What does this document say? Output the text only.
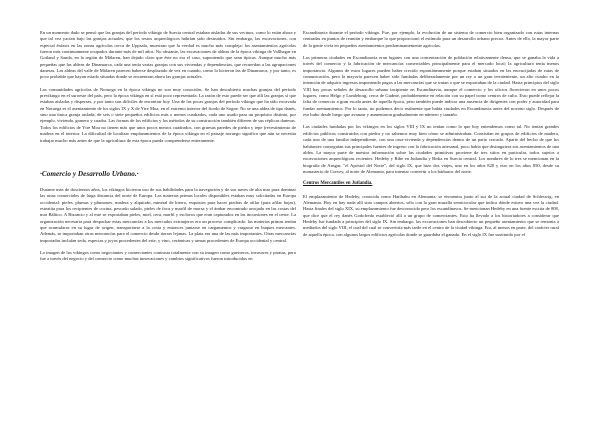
En un momento dado se pensó que las granjas del período vikingo de Suecia central estaban aisladas de sus vecinos, como lo están ahora y que tal vez yacían bajo las granjas actuales, que los restos arqueológicos habrían sido destruidos. Sin embargo, las excavaciones, con especial énfasis en las zonas agrícolas cerca de Uppsala, muestran que la verdad es mucho más compleja: los asentamientos agrícolas fueron más continuamente ocupados durante más de mil años. No obstante, las excavaciones de aldeas de la época vikinga de Vallhagar en Gotland y Sanda, en la región de Mälaren, han dejado claro que éste no era el caso, suponiendo que sean típicas. Aunque mucho más pequeñas que las aldeas de Dinamarca, cada una tenía varias granjas con sus viviendas y dependencias, que recuerdan a las agrupaciones danesas. Las aldeas del valle de Mälaren parecen haberse desplazado de vez en cuando, como lo hicieron las de Dinamarca, y por tanto, es poco probable que hayan estado situadas donde se encuentran ahora las granjas actuales.

Las comunidades agrícolas de Noruega en la época vikinga no son muy conocidas. Se han descubierto muchas granjas del período previkingo en el suroeste del país, pero la época vikinga en sí está poco representada. La razón de esto puede ser que allí las granjas sí que estaban aisladas y dispersas, y por tanto son difíciles de encontrar hoy. Una de las pocas granjas del período vikingo que ha sido excavada en Noruega es el asentamiento de los siglos IX y X de Ytre Moa, en el extremo interior del fiordo de Sogne. No se una aldea de tipo danés, sino una única granja aislada, de seis o siete pequeños edificios más o menos cuadrados, cada uno usado para un propósito distinto, por ejemplo, vivienda, granero y cuadra. Las formas de los edificios y los métodos de su construcción también difieren de sus réplicas danesas. Todos los edificios de Ytre Moa no tienen más que unos pocos metros cuadrados, con gruesas paredes de piedra y tepe (revestimiento de madera en el interior. La dificultad de localizar emplazamientos de la época vikinga en el paisaje noruego significa que aún se necesita trabajar mucho más antes de que la agricultura de esta época pueda comprenderse enteramente.

·Comercio y Desarrollo Urbano.·

Durante más de doscientos años, los vikingos hicieron uso de sus habilidades para la navegación y de sus naves de alta mar para dominar las rutas comerciales de larga distancia del norte de Europa. Las materias primas locales disponibles estaban muy solicitadas en Europa occidental: pieles, plumas y plumones, madera y alquitrán, mineral de hierro, esquistos para hacer piedras de afilar (para afilar hojas), esteatita para los recipientes de cocina, pescado salado, pieles de foca y marfil de morsa y el ámbar encontrado arrojado en las costas del mar Báltico. A Bizancio y al este se exportaban pieles, miel, cera, marfil y esclavos que eran capturados en las incursiones en el oeste. La organización necesaria para despachar estas mercancías a los mercados extranjeros era un proceso complicado: las materias primas tenían que acumularse en su lugar de origen, transportarse a la costa y entonces juntarse en cargamentos y cargarse en buques mercantes. Además, se importaban otras mercancías para el comercio desde tierras lejanas. La plata era una de las más importantes. Otras mercancías importadas incluían seda, especias y joyas procedentes del este, y vino, cerámicas y armas procedentes de Europa occidental y central.

La imagen de los vikingos como negociantes y comerciantes contrasta totalmente con su imagen como guerreros, invasores y piratas, pero fue a través del negocio y del comercio como muchas innovaciones y cambios significativos fueron introducidos en

Escandinavia durante el período vikingo. Fue, por ejemplo, la evolución de un sistema de comercio bien organizado con rutas internas centradas en puntos de reunión y embarque lo que proporcionó el estímulo para un desarrollo urbano precoz. Antes de ello, la mayor parte de la gente vivía en pequeños asentamientos predominantemente agrícolas.

Las primeras ciudades en Escandinavia eran lugares con una concentración de población relativamente densa, que se ganaba la vida a través del comercio y la fabricación de mercancías comerciables principalmente para el mercado local; la agricultura tenía menos importancia. Algunos de estos lugares pueden haber crecido espontáneamente porque estaban situados en las encrucijadas de rutas de comunicación, pero la mayoría parecen haber sido fundadas deliberadamente por un rey o un gran terrateniente, un alto cuadro en la intención de adquirir ingresos imponiendo pagos a las mercancías que se tratan o que se exportaban de la ciudad. Hasta principios del siglo VIII hay pocas señales de desarrollo urbano incipiente en Escandinavia, aunque el comercio y los oficios florecieron en unos pocos lugares, como Helgo y Lundeborg, cerca de Gudme, probablemente en relación con su papel como centros de culto. Esto puede reflejar la falta de comercio a gran escala antes de aquella época, pero también puede indicar una ausencia de dirigentes con poder y autoridad para fundar asentamientos. Por lo tanto, no podemos decir realmente que había ciudades en Escandinavia antes del noveno siglo. Después de eso hubo desde luego que avanzar y aumentaron gradualmente en número y tamaño.

Las ciudades fundadas por los vikingos en los siglos VIII y IX no tenían como lo que hoy entendemos como tal. No tenían grandes edificios públicos construidos con piedra y no sabemos muy bien cómo se administraban. Consistían en grupos de edificios de madera, cada uno de una familia independiente, con una casa-vivienda y dependencias dentro de un patio cercado. Aparte del hecho de que los habitantes conseguían sus principales fuentes de ingreso con la fabricación artesanal, poco había que distinguiera sus asentamientos de una aldea. La mayor parte de nuestra información sobre las ciudades primitivas proviene de tres sitios en particular, todos sujetos a excavaciones arqueológicas recientes: Hedeby y Ribe en Jutlandia y Birka en Suecia central. Los nombres de lo tres se mencionan en la biografía de Ansgar, "el Apóstol del Norte", del siglo IX, que hizo dos viajes, uno en los años 820 y otro en los años 850, desde su monasterio de Corvey, al norte de Alemania, para intentar convertir a los bárbaros del norte.

Centros Mercantiles en Jutlandia.

El emplazamiento de Hedeby, conocida como Haithabu en Alemania, se encuentra junto al sur de la actual ciudad de Schleswig, en Alemania. Hoy en hay nada allí sino campos abiertos, sólo con la gran muralla semicircular que indica dónde estuvo una vez la ciudad. Hasta finales del siglo XIX, su emplazamiento fue desconocido pero los escandinavos. Se mencionan Hedeby en una fuente escrita de 808, que dice que el rey danés Godofredo estableció allí a un grupo de comerciantes. Esto ha llevado a los historiadores a considerar que Hedeby fue fundada a principios del siglo IX. Sin embargo, las excavaciones han descubierto un pequeño asentamiento que se remonta a mediados del siglo VIII, el cual del cual se convertiría más tarde en el centro de la ciudad vikinga. Era, al menos en parte, del carácter rural de aquella época, con algunos largos edificios agrícolas donde se guardaba el ganado. En el siglo IX fue sustituido por el
